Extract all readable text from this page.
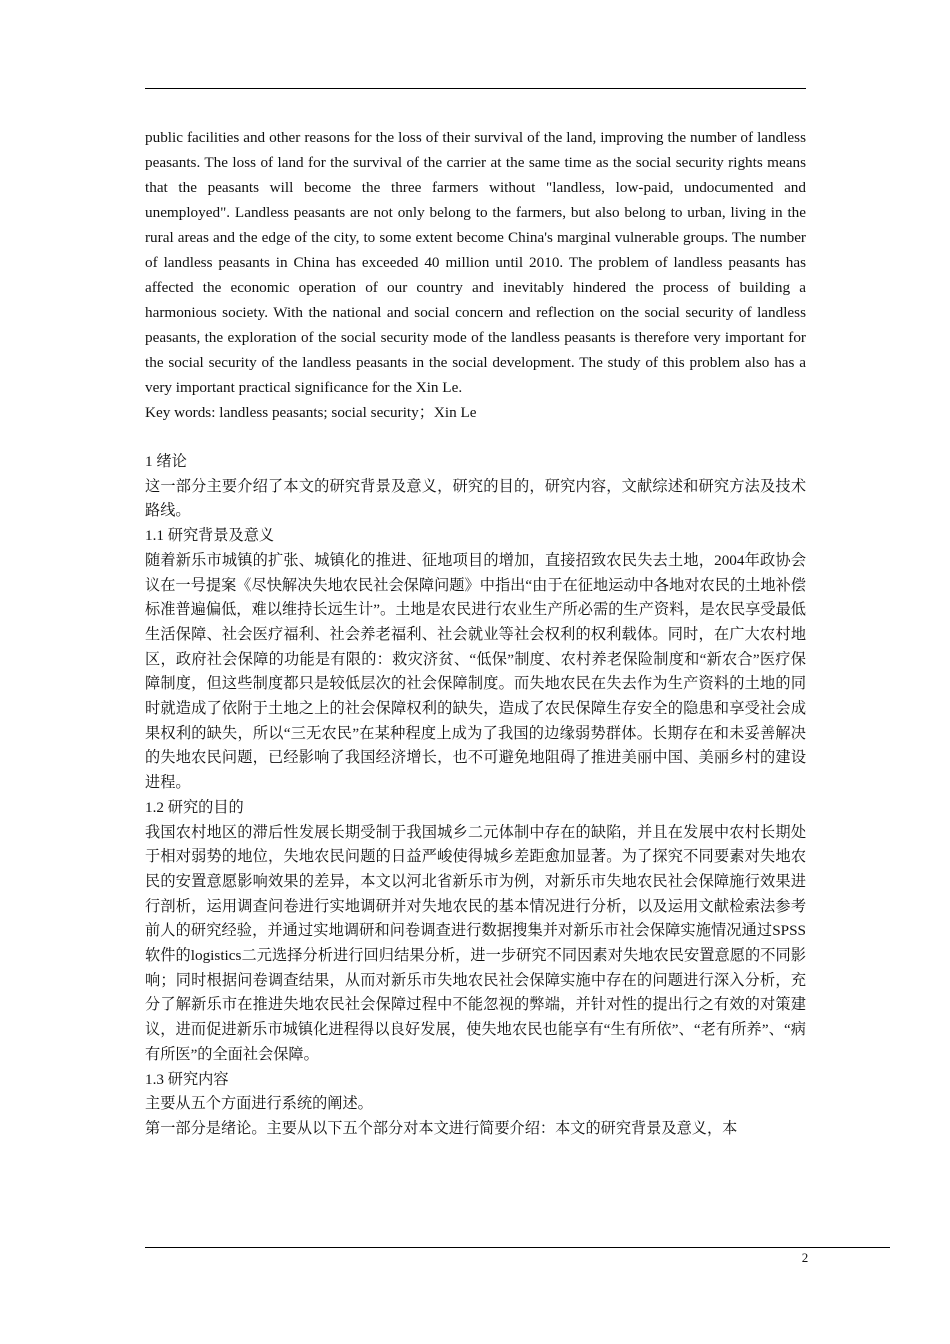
public facilities and other reasons for the loss of their survival of the land, improving the number of landless peasants. The loss of land for the survival of the carrier at the same time as the social security rights means that the peasants will become the three farmers without "landless, low-paid, undocumented and unemployed". Landless peasants are not only belong to the farmers, but also belong to urban, living in the rural areas and the edge of the city, to some extent become China's marginal vulnerable groups. The number of landless peasants in China has exceeded 40 million until 2010. The problem of landless peasants has affected the economic operation of our country and inevitably hindered the process of building a harmonious society. With the national and social concern and reflection on the social security of landless peasants, the exploration of the social security mode of the landless peasants is therefore very important for the social security of the landless peasants in the social development. The study of this problem also has a very important practical significance for the Xin Le.

Key words: landless peasants; social security；Xin Le

1 绪论

这一部分主要介绍了本文的研究背景及意义，研究的目的，研究内容，文献综述和研究方法及技术路线。

1.1 研究背景及意义

随着新乐市城镇的扩张、城镇化的推进、征地项目的增加，直接招致农民失去土地，2004年政协会议在一号提案《尽快解决失地农民社会保障问题》中指出“由于在征地运动中各地对农民的土地补偿标准普遍偏低，难以维持长远生计”。土地是农民进行农业生产所必需的生产资料，是农民享受最低生活保障、社会医疗福利、社会养老福利、社会就业等社会权利的权利载体。同时，在广大农村地区，政府社会保障的功能是有限的：救灾济贫、“低保”制度、农村养老保险制度和“新农合”医疗保障制度，但这些制度都只是较低层次的社会保障制度。而失地农民在失去作为生产资料的土地的同时就造成了依附于土地之上的社会保障权利的缺失，造成了农民保障生存安全的隐患和享受社会成果权利的缺失，所以“三无农民”在某种程度上成为了我国的边缘弱势群体。长期存在和未妥善解决的失地农民问题，已经影响了我国经济增长，也不可避免地阻碍了推进美丽中国、美丽乡村的建设进程。

1.2 研究的目的

我国农村地区的滞后性发展长期受制于我国城乡二元体制中存在的缺陷，并且在发展中农村长期处于相对弱势的地位，失地农民问题的日益严峻使得城乡差距愈加显著。为了探究不同要素对失地农民的安置意愿影响效果的差异，本文以河北省新乐市为例，对新乐市失地农民社会保障施行效果进行剖析，运用调查问卷进行实地调研并对失地农民的基本情况进行分析，以及运用文献检索法参考前人的研究经验，并通过实地调研和问卷调查进行数据搜集并对新乐市社会保障实施情况通过SPSS软件的logistics二元选择分析进行回归结果分析，进一步研究不同因素对失地农民安置意愿的不同影响；同时根据问卷调查结果，从而对新乐市失地农民社会保障实施中存在的问题进行深入分析，充分了解新乐市在推进失地农民社会保障过程中不能忽视的弊端，并针对性的提出行之有效的对策建议，进而促进新乐市城镇化进程得以良好发展，使失地农民也能享有“生有所依”、“老有所养”、“病有所医”的全面社会保障。

1.3 研究内容

主要从五个方面进行系统的阐述。

第一部分是绪论。主要从以下五个部分对本文进行简要介绍：本文的研究背景及意义，本

2
